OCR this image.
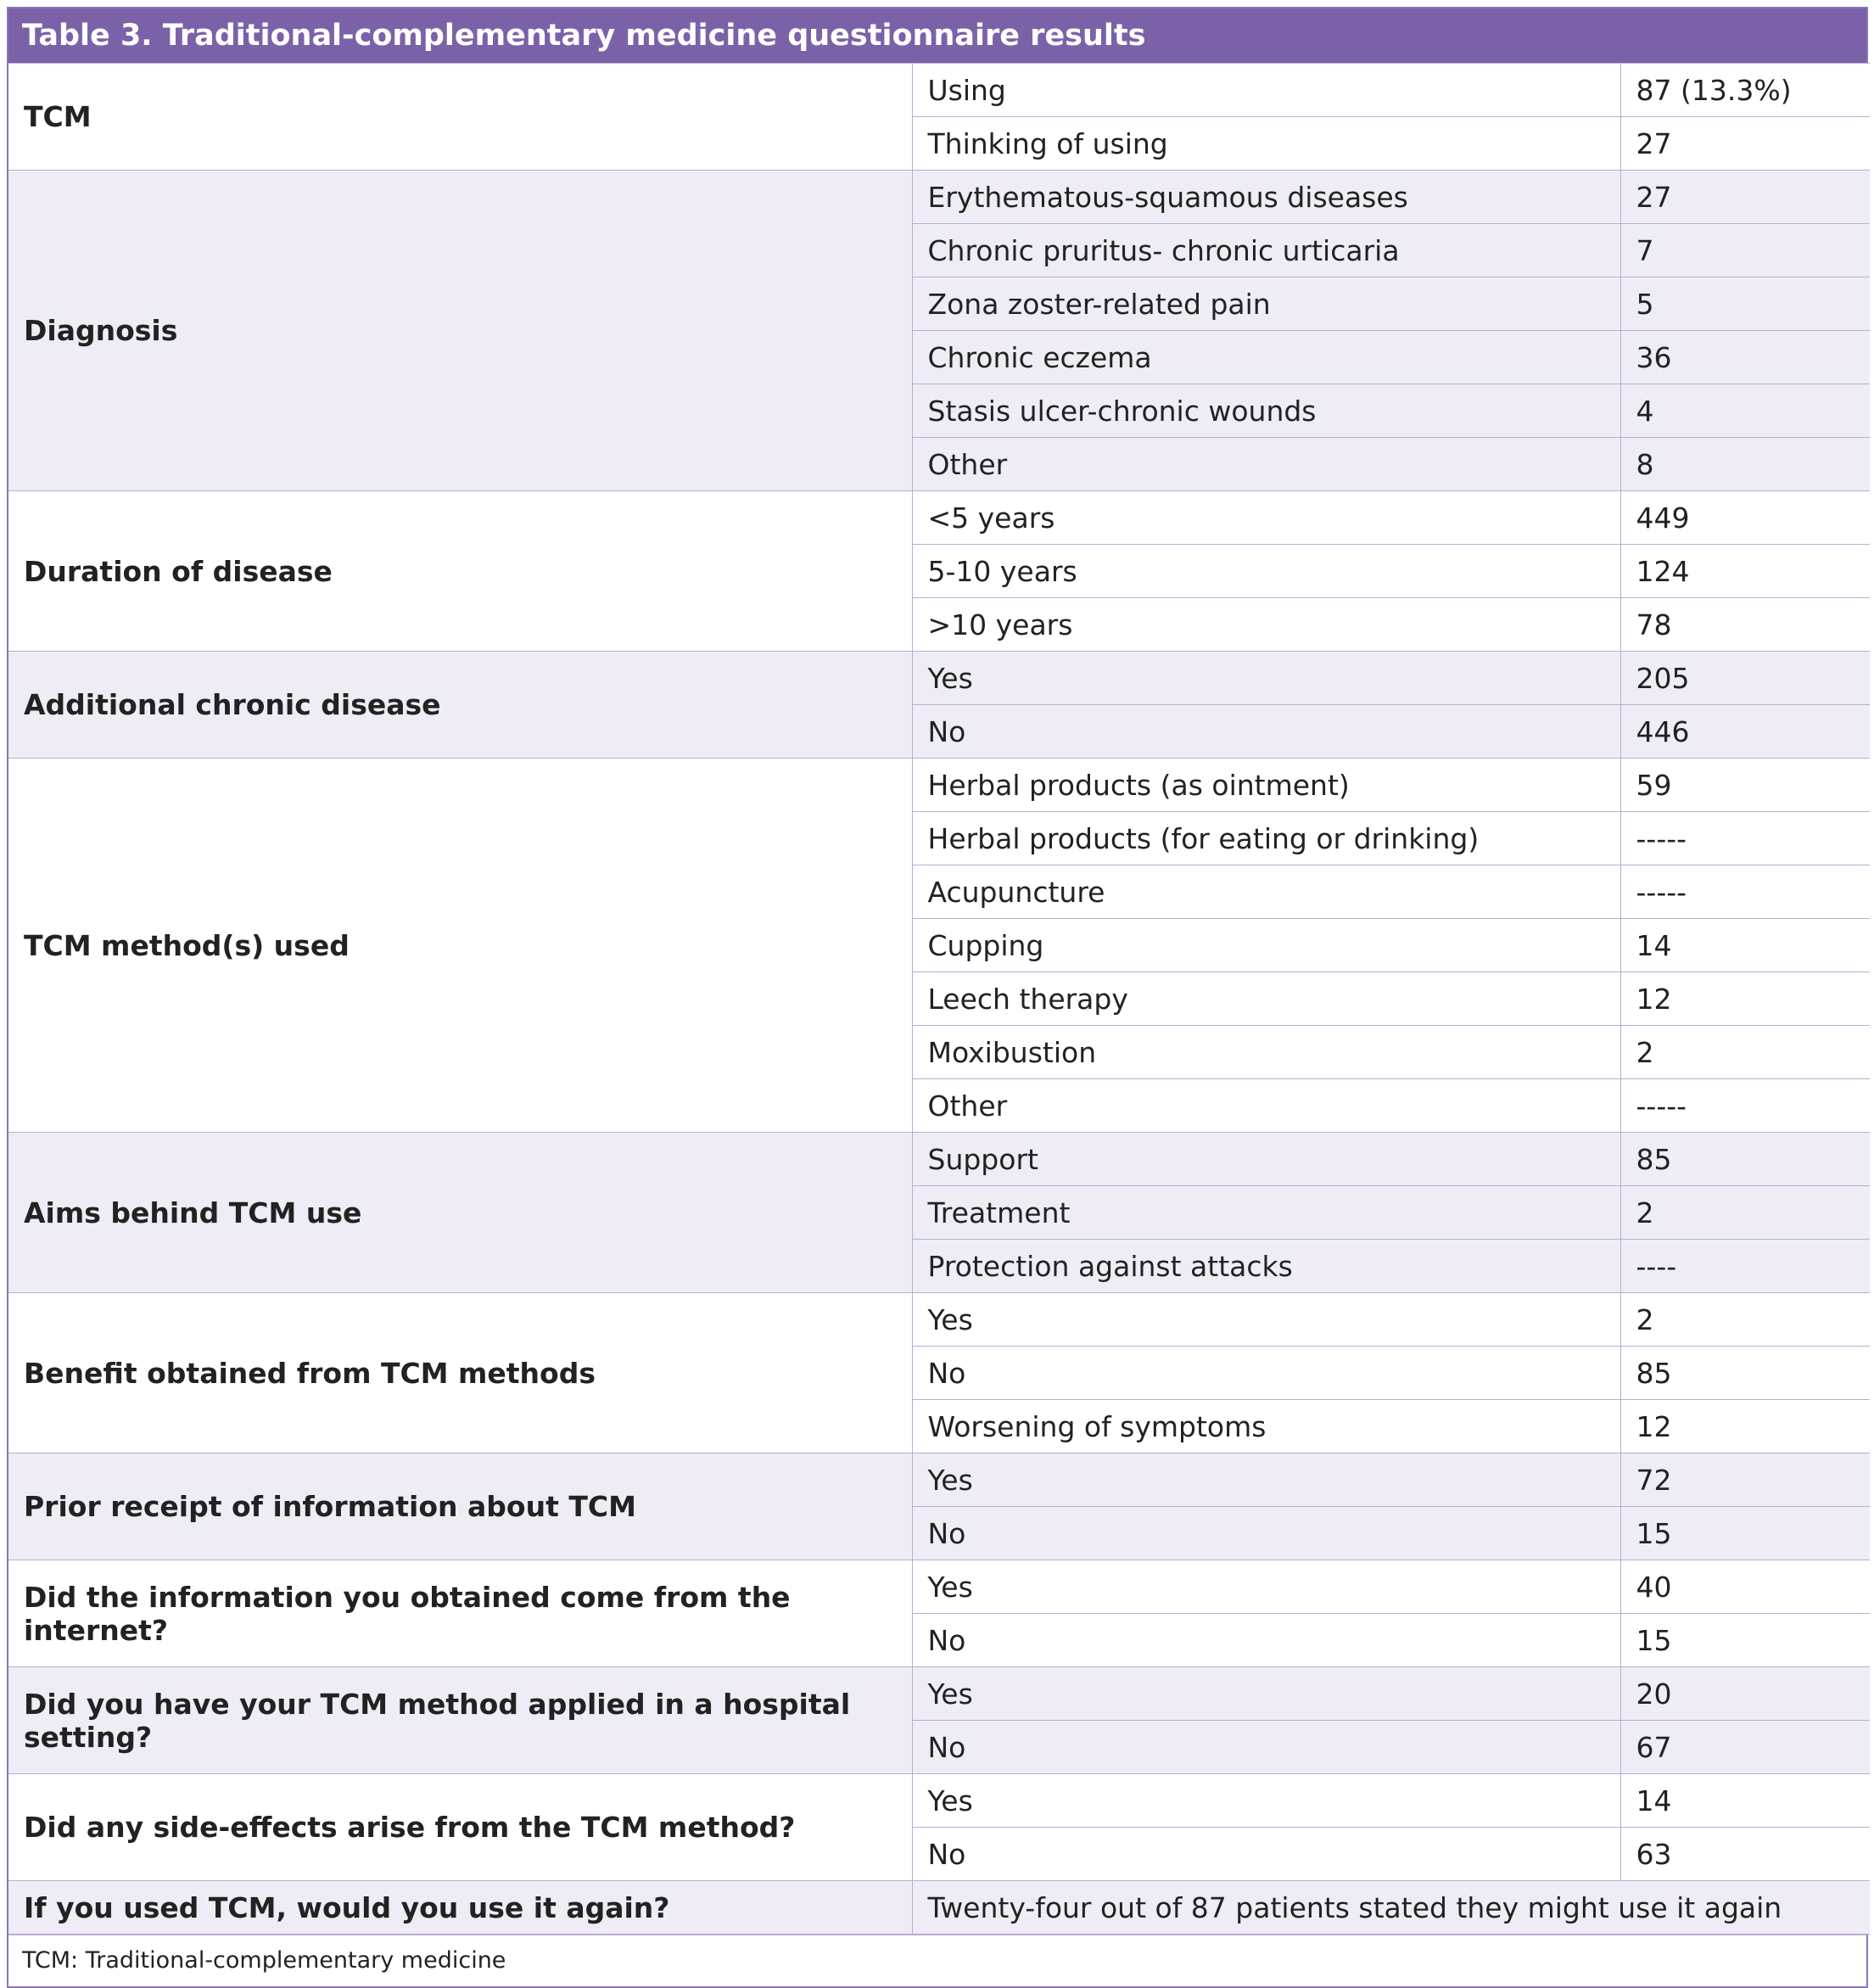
Table 3. Traditional-complementary medicine questionnaire results
TCM	Using	87 (13.3%)
	Thinking of using	27
Diagnosis	Erythematous-squamous diseases	27
	Chronic pruritus- chronic urticaria	7
	Zona zoster-related pain	5
	Chronic eczema	36
	Stasis ulcer-chronic wounds	4
	Other	8
Duration of disease	<5 years	449
	5-10 years	124
	>10 years	78
Additional chronic disease	Yes	205
	No	446
TCM method(s) used	Herbal products (as ointment)	59
	Herbal products (for eating or drinking)	-----
	Acupuncture	-----
	Cupping	14
	Leech therapy	12
	Moxibustion	2
	Other	-----
Aims behind TCM use	Support	85
	Treatment	2
	Protection against attacks	----
Benefit obtained from TCM methods	Yes	2
	No	85
	Worsening of symptoms	12
Prior receipt of information about TCM	Yes	72
	No	15
Did the information you obtained come from the internet?	Yes	40
	No	15
Did you have your TCM method applied in a hospital setting?	Yes	20
	No	67
Did any side-effects arise from the TCM method?	Yes	14
	No	63
If you used TCM, would you use it again?	Twenty-four out of 87 patients stated they might use it again	
TCM: Traditional-complementary medicine
